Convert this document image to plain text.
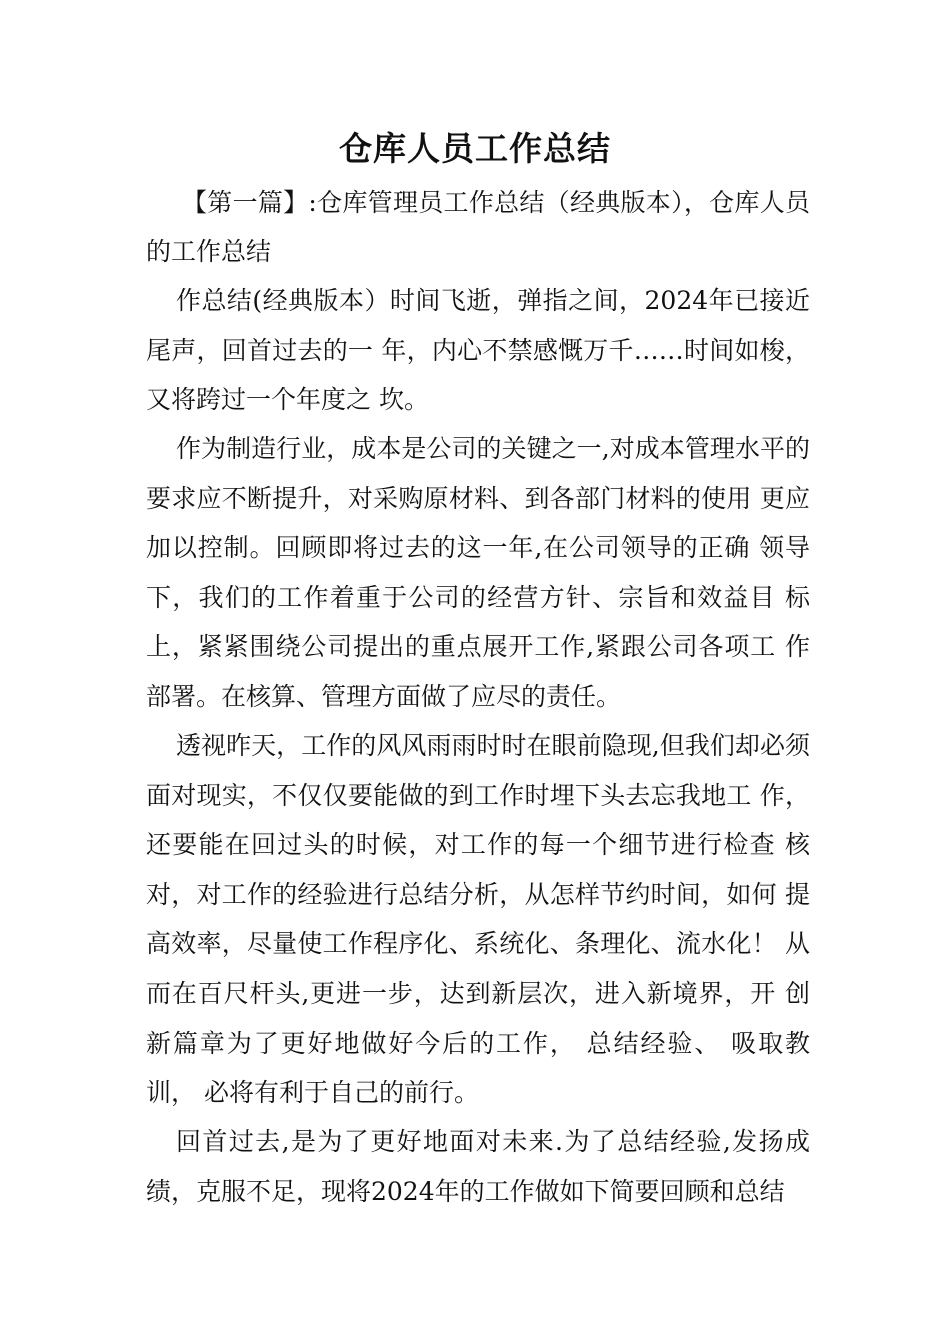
仓库人员工作总结

【第一篇】:仓库管理员工作总结（经典版本），仓库人员的工作总结

作总结(经典版本）时间飞逝，弹指之间，2024年已接近尾声，回首过去的一 年，内心不禁感慨万千……时间如梭，又将跨过一个年度之 坎。

作为制造行业，成本是公司的关键之一,对成本管理水平的要求应不断提升，对采购原材料、到各部门材料的使用 更应加以控制。回顾即将过去的这一年,在公司领导的正确 领导下，我们的工作着重于公司的经营方针、宗旨和效益目 标上，紧紧围绕公司提出的重点展开工作,紧跟公司各项工 作部署。在核算、管理方面做了应尽的责任。

透视昨天，工作的风风雨雨时时在眼前隐现,但我们却必须面对现实，不仅仅要能做的到工作时埋下头去忘我地工 作，还要能在回过头的时候，对工作的每一个细节进行检查 核对，对工作的经验进行总结分析，从怎样节约时间，如何 提高效率，尽量使工作程序化、系统化、条理化、流水化！ 从而在百尺杆头,更进一步，达到新层次，进入新境界，开 创新篇章为了更好地做好今后的工作， 总结经验、 吸取教训， 必将有利于自己的前行。

回首过去,是为了更好地面对未来.为了总结经验,发扬成绩，克服不足，现将2024年的工作做如下简要回顾和总结
